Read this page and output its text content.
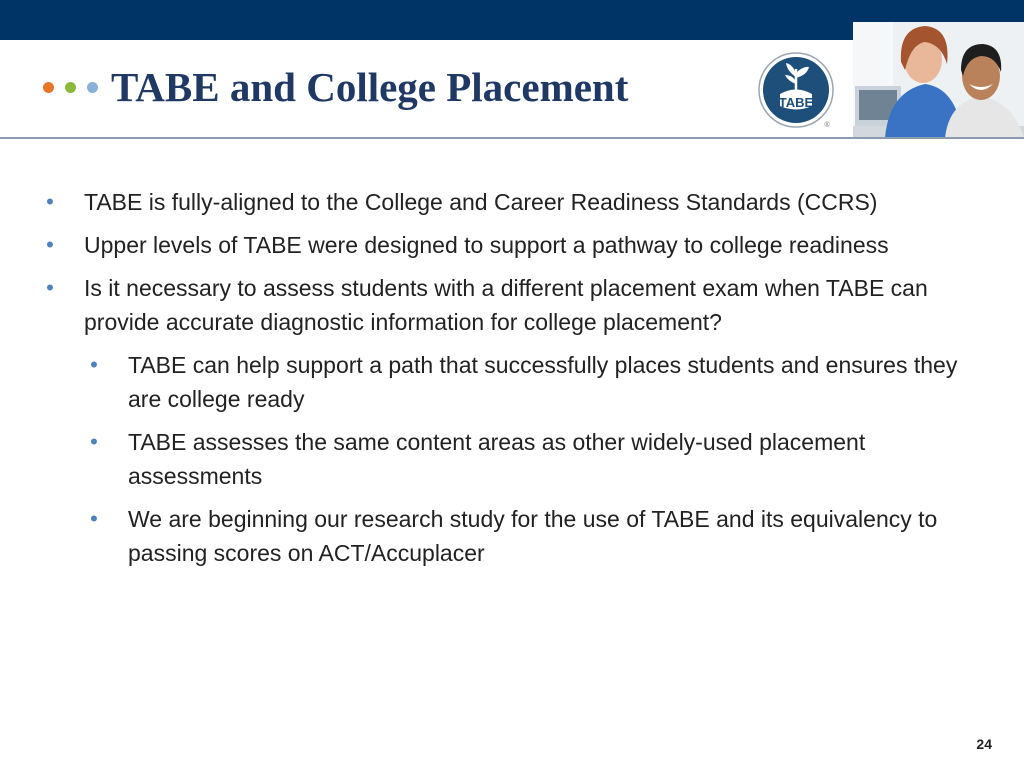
TABE and College Placement	TABE
®
• TABE is fully-aligned to the College and Career Readiness Standards (CCRS)
• Upper levels of TABE were designed to support a pathway to college readiness
• Is it necessary to assess students with a different placement exam when TABE can provide accurate diagnostic information for college placement?
• TABE can help support a path that successfully places students and ensures they are college ready
• TABE assesses the same content areas as other widely-used placement assessments
• We are beginning our research study for the use of TABE and its equivalency to passing scores on ACT/Accuplacer
24
